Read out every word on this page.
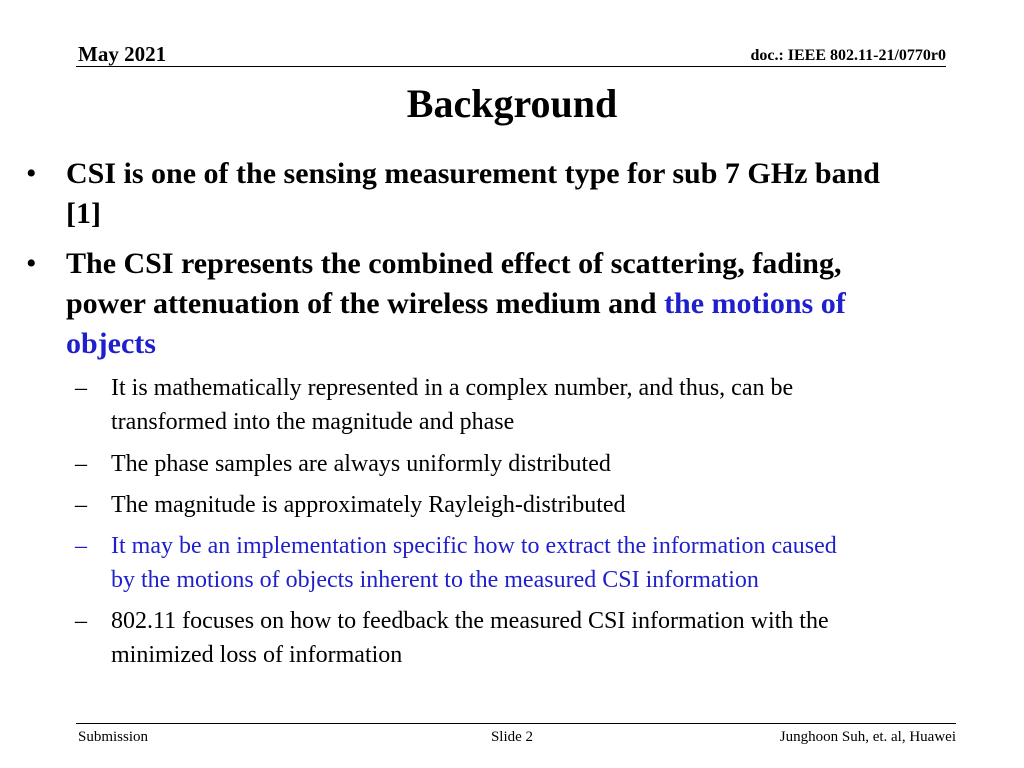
May 2021	doc.: IEEE 802.11-21/0770r0
Background
• CSI is one of the sensing measurement type for sub 7 GHz band
[1]
• The CSI represents the combined effect of scattering, fading,
power attenuation of the wireless medium and the motions of
objects
– It is mathematically represented in a complex number, and thus, can be
transformed into the magnitude and phase
– The phase samples are always uniformly distributed
– The magnitude is approximately Rayleigh-distributed
– It may be an implementation specific how to extract the information caused
by the motions of objects inherent to the measured CSI information
– 802.11 focuses on how to feedback the measured CSI information with the
minimized loss of information
Submission	Slide 2	Junghoon Suh, et. al, Huawei
